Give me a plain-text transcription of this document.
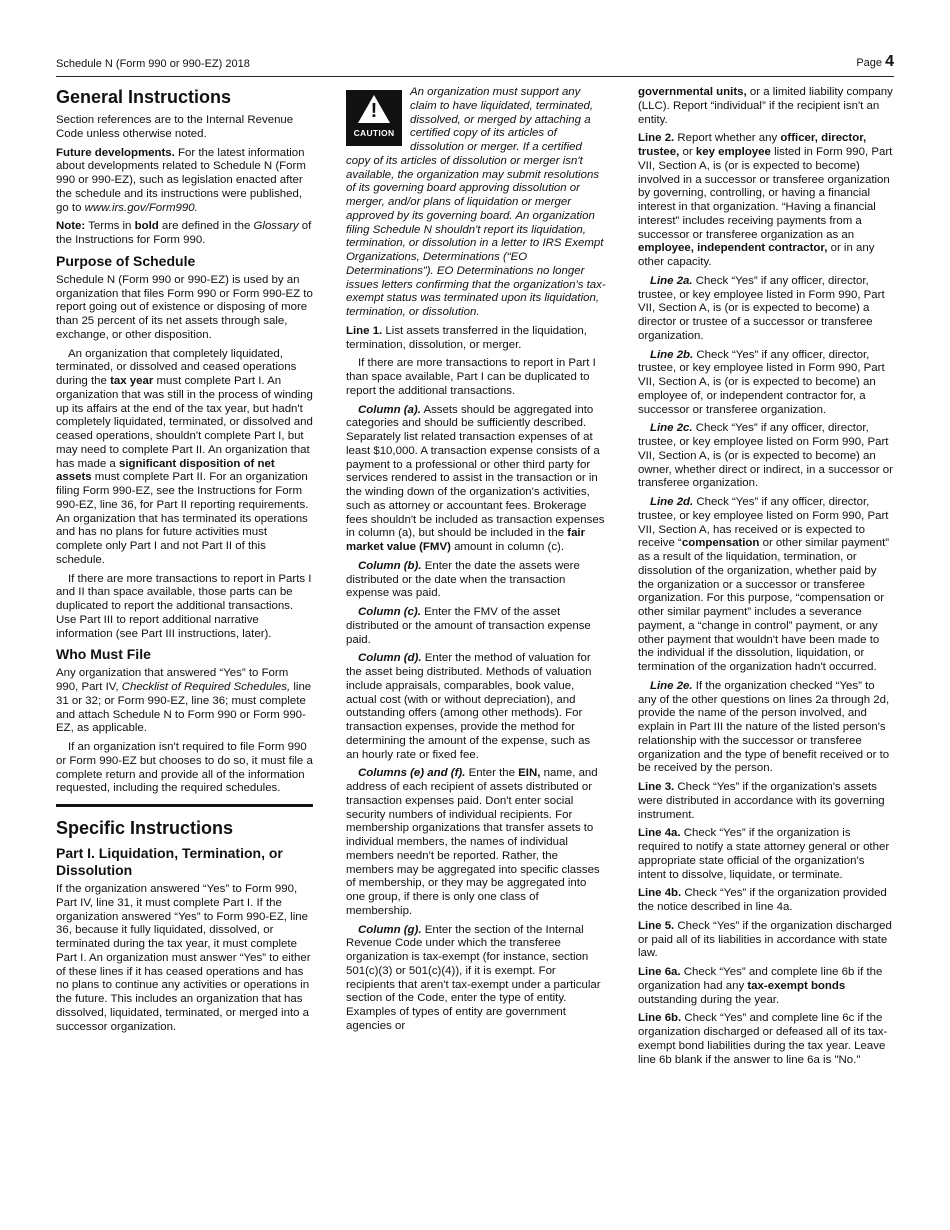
Schedule N (Form 990 or 990-EZ) 2018	Page 4
General Instructions

Section references are to the Internal Revenue Code unless otherwise noted.

Future developments. For the latest information about developments related to Schedule N (Form 990 or 990-EZ), such as legislation enacted after the schedule and its instructions were published, go to www.irs.gov/Form990.

Note: Terms in bold are defined in the Glossary of the Instructions for Form 990.

Purpose of Schedule

Schedule N (Form 990 or 990-EZ) is used by an organization that files Form 990 or Form 990-EZ to report going out of existence or disposing of more than 25 percent of its net assets through sale, exchange, or other disposition.

An organization that completely liquidated, terminated, or dissolved and ceased operations during the tax year must complete Part I. An organization that was still in the process of winding up its affairs at the end of the tax year, but hadn't completely liquidated, terminated, or dissolved and ceased operations, shouldn't complete Part I, but may need to complete Part II. An organization that has made a significant disposition of net assets must complete Part II. For an organization filing Form 990-EZ, see the Instructions for Form 990-EZ, line 36, for Part II reporting requirements. An organization that has terminated its operations and has no plans for future activities must complete only Part I and not Part II of this schedule.

If there are more transactions to report in Parts I and II than space available, those parts can be duplicated to report the additional transactions. Use Part III to report additional narrative information (see Part III instructions, later).

Who Must File

Any organization that answered “Yes” to Form 990, Part IV, Checklist of Required Schedules, line 31 or 32; or Form 990-EZ, line 36; must complete and attach Schedule N to Form 990 or Form 990-EZ, as applicable.

If an organization isn't required to file Form 990 or Form 990-EZ but chooses to do so, it must file a complete return and provide all of the information requested, including the required schedules.

Specific Instructions
Part I. Liquidation, Termination, or Dissolution

If the organization answered “Yes” to Form 990, Part IV, line 31, it must complete Part I. If the organization answered “Yes” to Form 990-EZ, line 36, because it fully liquidated, dissolved, or terminated during the tax year, it must complete Part I. An organization must answer “Yes” to either of these lines if it has ceased operations and has no plans to continue any activities or operations in the future. This includes an organization that has dissolved, liquidated, terminated, or merged into a successor organization.

!
CAUTION

An organization must support any claim to have liquidated, terminated, dissolved, or merged by attaching a certified copy of its articles of dissolution or merger. If a certified copy of its articles of dissolution or merger isn't available, the organization may submit resolutions of its governing board approving dissolution or merger, and/or plans of liquidation or merger approved by its governing board. An organization filing Schedule N shouldn't report its liquidation, termination, or dissolution in a letter to IRS Exempt Organizations, Determinations (“EO Determinations”). EO Determinations no longer issues letters confirming that the organization's tax-exempt status was terminated upon its liquidation, termination, or dissolution.

Line 1. List assets transferred in the liquidation, termination, dissolution, or merger.

If there are more transactions to report in Part I than space available, Part I can be duplicated to report the additional transactions.

Column (a). Assets should be aggregated into categories and should be sufficiently described. Separately list related transaction expenses of at least $10,000. A transaction expense consists of a payment to a professional or other third party for services rendered to assist in the transaction or in the winding down of the organization's activities, such as attorney or accountant fees. Brokerage fees shouldn't be included as transaction expenses in column (a), but should be included in the fair market value (FMV) amount in column (c).

Column (b). Enter the date the assets were distributed or the date when the transaction expense was paid.

Column (c). Enter the FMV of the asset distributed or the amount of transaction expense paid.

Column (d). Enter the method of valuation for the asset being distributed. Methods of valuation include appraisals, comparables, book value, actual cost (with or without depreciation), and outstanding offers (among other methods). For transaction expenses, provide the method for determining the amount of the expense, such as an hourly rate or fixed fee.

Columns (e) and (f). Enter the EIN, name, and address of each recipient of assets distributed or transaction expenses paid. Don't enter social security numbers of individual recipients. For membership organizations that transfer assets to individual members, the names of individual members needn't be reported. Rather, the members may be aggregated into specific classes of membership, or they may be aggregated into one group, if there is only one class of membership.

Column (g). Enter the section of the Internal Revenue Code under which the transferee organization is tax-exempt (for instance, section 501(c)(3) or 501(c)(4)), if it is exempt. For recipients that aren't tax-exempt under a particular section of the Code, enter the type of entity. Examples of types of entity are government agencies or

governmental units, or a limited liability company (LLC). Report “individual” if the recipient isn't an entity.

Line 2. Report whether any officer, director, trustee, or key employee listed in Form 990, Part VII, Section A, is (or is expected to become) involved in a successor or transferee organization by governing, controlling, or having a financial interest in that organization. “Having a financial interest” includes receiving payments from a successor or transferee organization as an employee, independent contractor, or in any other capacity.

Line 2a. Check “Yes” if any officer, director, trustee, or key employee listed in Form 990, Part VII, Section A, is (or is expected to become) a director or trustee of a successor or transferee organization.

Line 2b. Check “Yes” if any officer, director, trustee, or key employee listed in Form 990, Part VII, Section A, is (or is expected to become) an employee of, or independent contractor for, a successor or transferee organization.

Line 2c. Check “Yes” if any officer, director, trustee, or key employee listed on Form 990, Part VII, Section A, is (or is expected to become) an owner, whether direct or indirect, in a successor or transferee organization.

Line 2d. Check “Yes” if any officer, director, trustee, or key employee listed on Form 990, Part VII, Section A, has received or is expected to receive “compensation or other similar payment” as a result of the liquidation, termination, or dissolution of the organization, whether paid by the organization or a successor or transferee organization. For this purpose, “compensation or other similar payment” includes a severance payment, a “change in control” payment, or any other payment that wouldn't have been made to the individual if the dissolution, liquidation, or termination of the organization hadn't occurred.

Line 2e. If the organization checked “Yes” to any of the other questions on lines 2a through 2d, provide the name of the person involved, and explain in Part III the nature of the listed person's relationship with the successor or transferee organization and the type of benefit received or to be received by the person.

Line 3. Check “Yes” if the organization's assets were distributed in accordance with its governing instrument.

Line 4a. Check “Yes” if the organization is required to notify a state attorney general or other appropriate state official of the organization's intent to dissolve, liquidate, or terminate.

Line 4b. Check “Yes” if the organization provided the notice described in line 4a.

Line 5. Check “Yes” if the organization discharged or paid all of its liabilities in accordance with state law.

Line 6a. Check “Yes” and complete line 6b if the organization had any tax-exempt bonds outstanding during the year.

Line 6b. Check “Yes” and complete line 6c if the organization discharged or defeased all of its tax-exempt bond liabilities during the tax year. Leave line 6b blank if the answer to line 6a is "No."
